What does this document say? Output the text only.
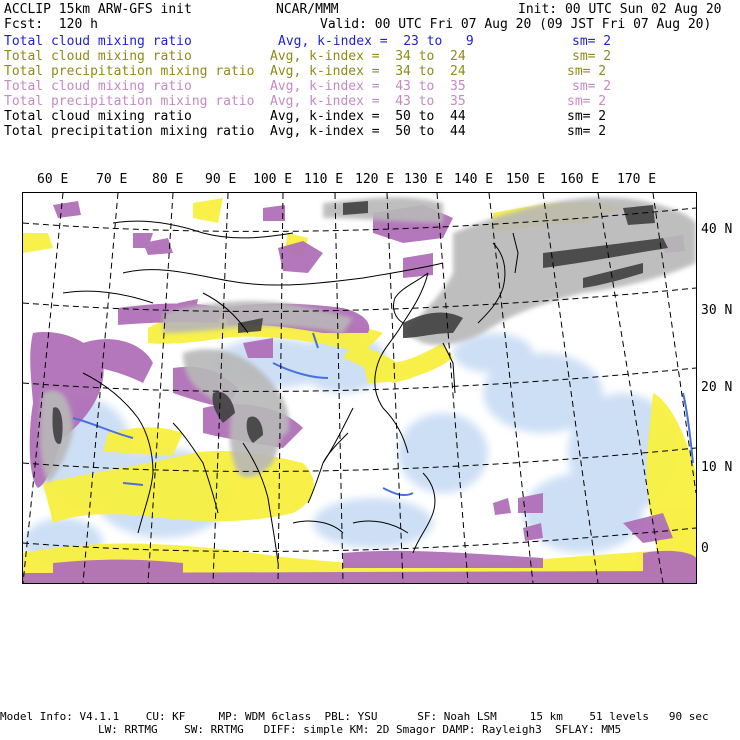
ACCLIP 15km ARW-GFS init

	NCAR/MMM

	Init: 00 UTC Sun 02 Aug 20

Fcst:  120 h

	Valid: 00 UTC Fri 07 Aug 20 (09 JST Fri 07 Aug 20)

Total cloud mixing ratio	Avg, k-index =  23 to   9	sm= 2
Total cloud mixing ratio	Avg, k-index =  34 to  24	sm= 2
Total precipitation mixing ratio Avg, k-index =  34 to  24	sm= 2
Total cloud mixing ratio	Avg, k-index =  43 to  35	sm= 2
Total precipitation mixing ratio Avg, k-index =  43 to  35	sm= 2
Total cloud mixing ratio	Avg, k-index =  50 to  44	sm= 2
Total precipitation mixing ratio Avg, k-index =  50 to  44	sm= 2
60 E 70 E 80 E 90 E 100 E 110 E 120 E 130 E 140 E 150 E 160 E 170 E
40 N
30 N
20 N
10 N
0
Model Info: V4.1.1    CU: KF     MP: WDM 6class  PBL: YSU      SF: Noah LSM     15 km    51 levels   90 sec
LW: RRTMG    SW: RRTMG   DIFF: simple KM: 2D Smagor DAMP: Rayleigh3  SFLAY: MM5
